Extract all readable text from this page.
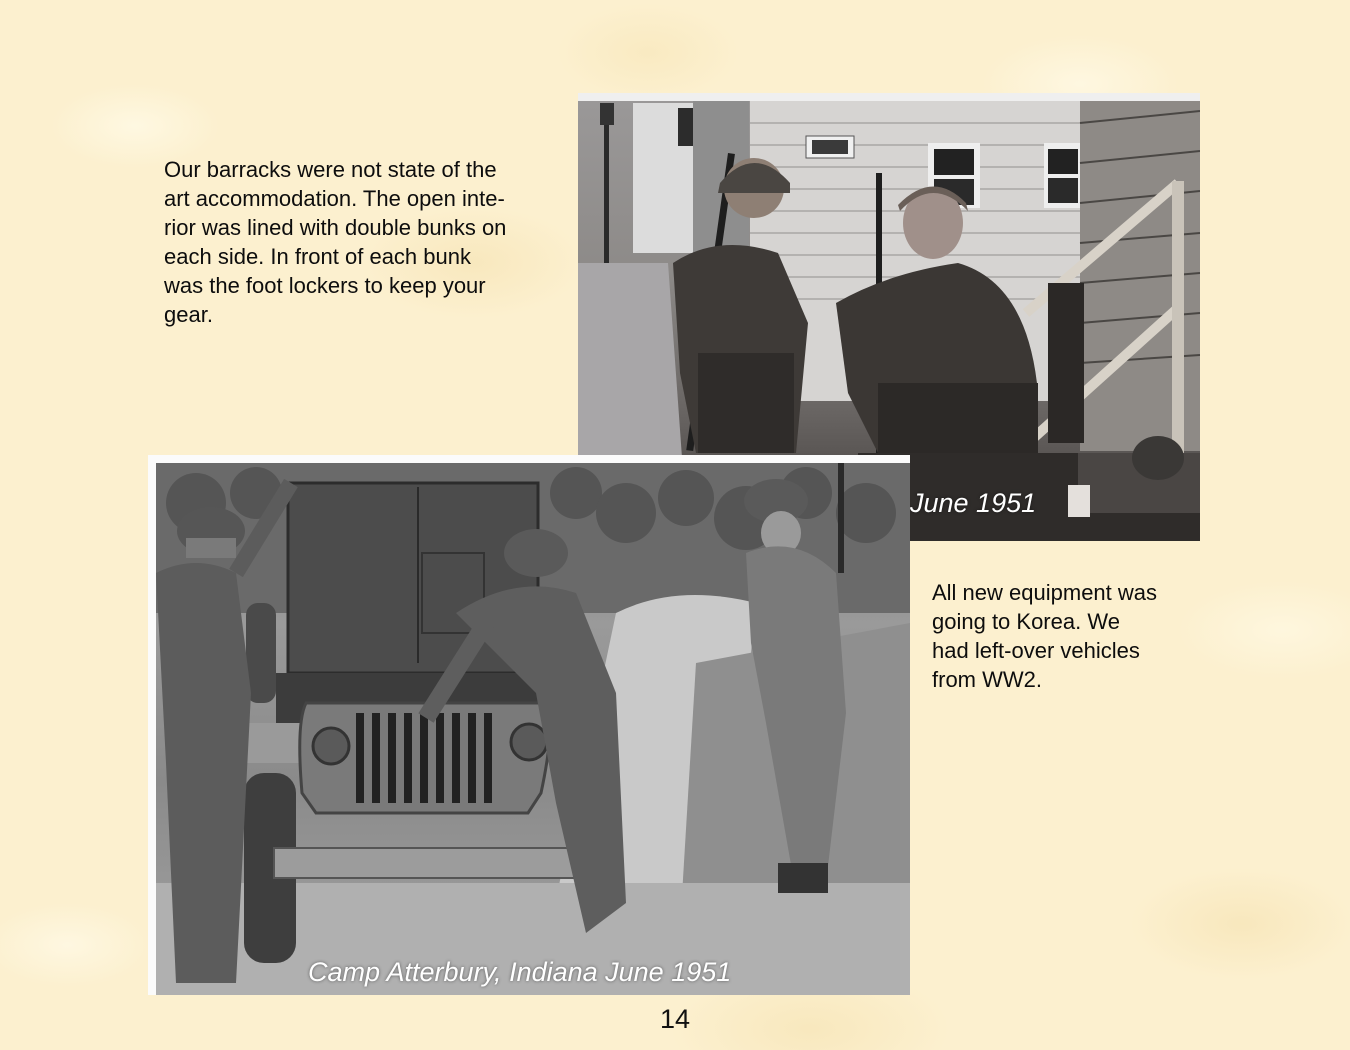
Our barracks were not state of the
art accommodation. The open inte-
rior was lined with double bunks on
each side. In front of each bunk
was the foot lockers to keep your
gear.
June 1951
Camp Atterbury, Indiana June 1951
All new equipment was
going to Korea. We
had left-over vehicles
from WW2.
14
